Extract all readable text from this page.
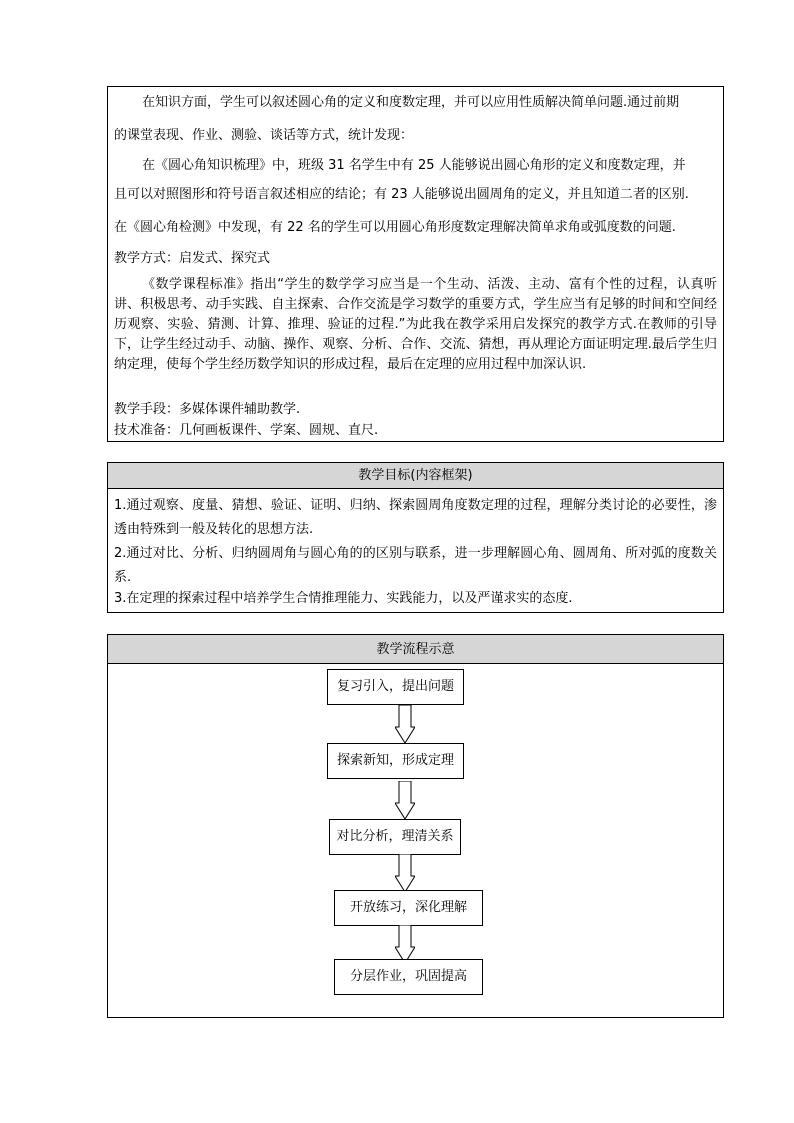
在知识方面，学生可以叙述圆心角的定义和度数定理，并可以应用性质解决简单问题.通过前期
的课堂表现、作业、测验、谈话等方式，统计发现：
在《圆心角知识梳理》中，班级 31 名学生中有 25 人能够说出圆心角形的定义和度数定理，并
且可以对照图形和符号语言叙述相应的结论；有 23 人能够说出圆周角的定义，并且知道二者的区别.
在《圆心角检测》中发现，有 22 名的学生可以用圆心角形度数定理解决简单求角或弧度数的问题.
教学方式：启发式、探究式
《数学课程标准》指出“学生的数学学习应当是一个生动、活泼、主动、富有个性的过程，认真听讲、积极思考、动手实践、自主探索、合作交流是学习数学的重要方式，学生应当有足够的时间和空间经历观察、实验、猜测、计算、推理、验证的过程.”为此我在教学采用启发探究的教学方式.在教师的引导下，让学生经过动手、动脑、操作、观察、分析、合作、交流、猜想，再从理论方面证明定理.最后学生归纳定理，使每个学生经历数学知识的形成过程，最后在定理的应用过程中加深认识.
教学手段：多媒体课件辅助教学.
技术准备：几何画板课件、学案、圆规、直尺.
教学目标(内容框架)
1.通过观察、度量、猜想、验证、证明、归纳、探索圆周角度数定理的过程，理解分类讨论的必要性，渗透由特殊到一般及转化的思想方法.
2.通过对比、分析、归纳圆周角与圆心角的的区别与联系，进一步理解圆心角、圆周角、所对弧的度数关系.
3.在定理的探索过程中培养学生合情推理能力、实践能力，以及严谨求实的态度.
教学流程示意
复习引入，提出问题
探索新知，形成定理
对比分析，理清关系
开放练习，深化理解
分层作业，巩固提高
